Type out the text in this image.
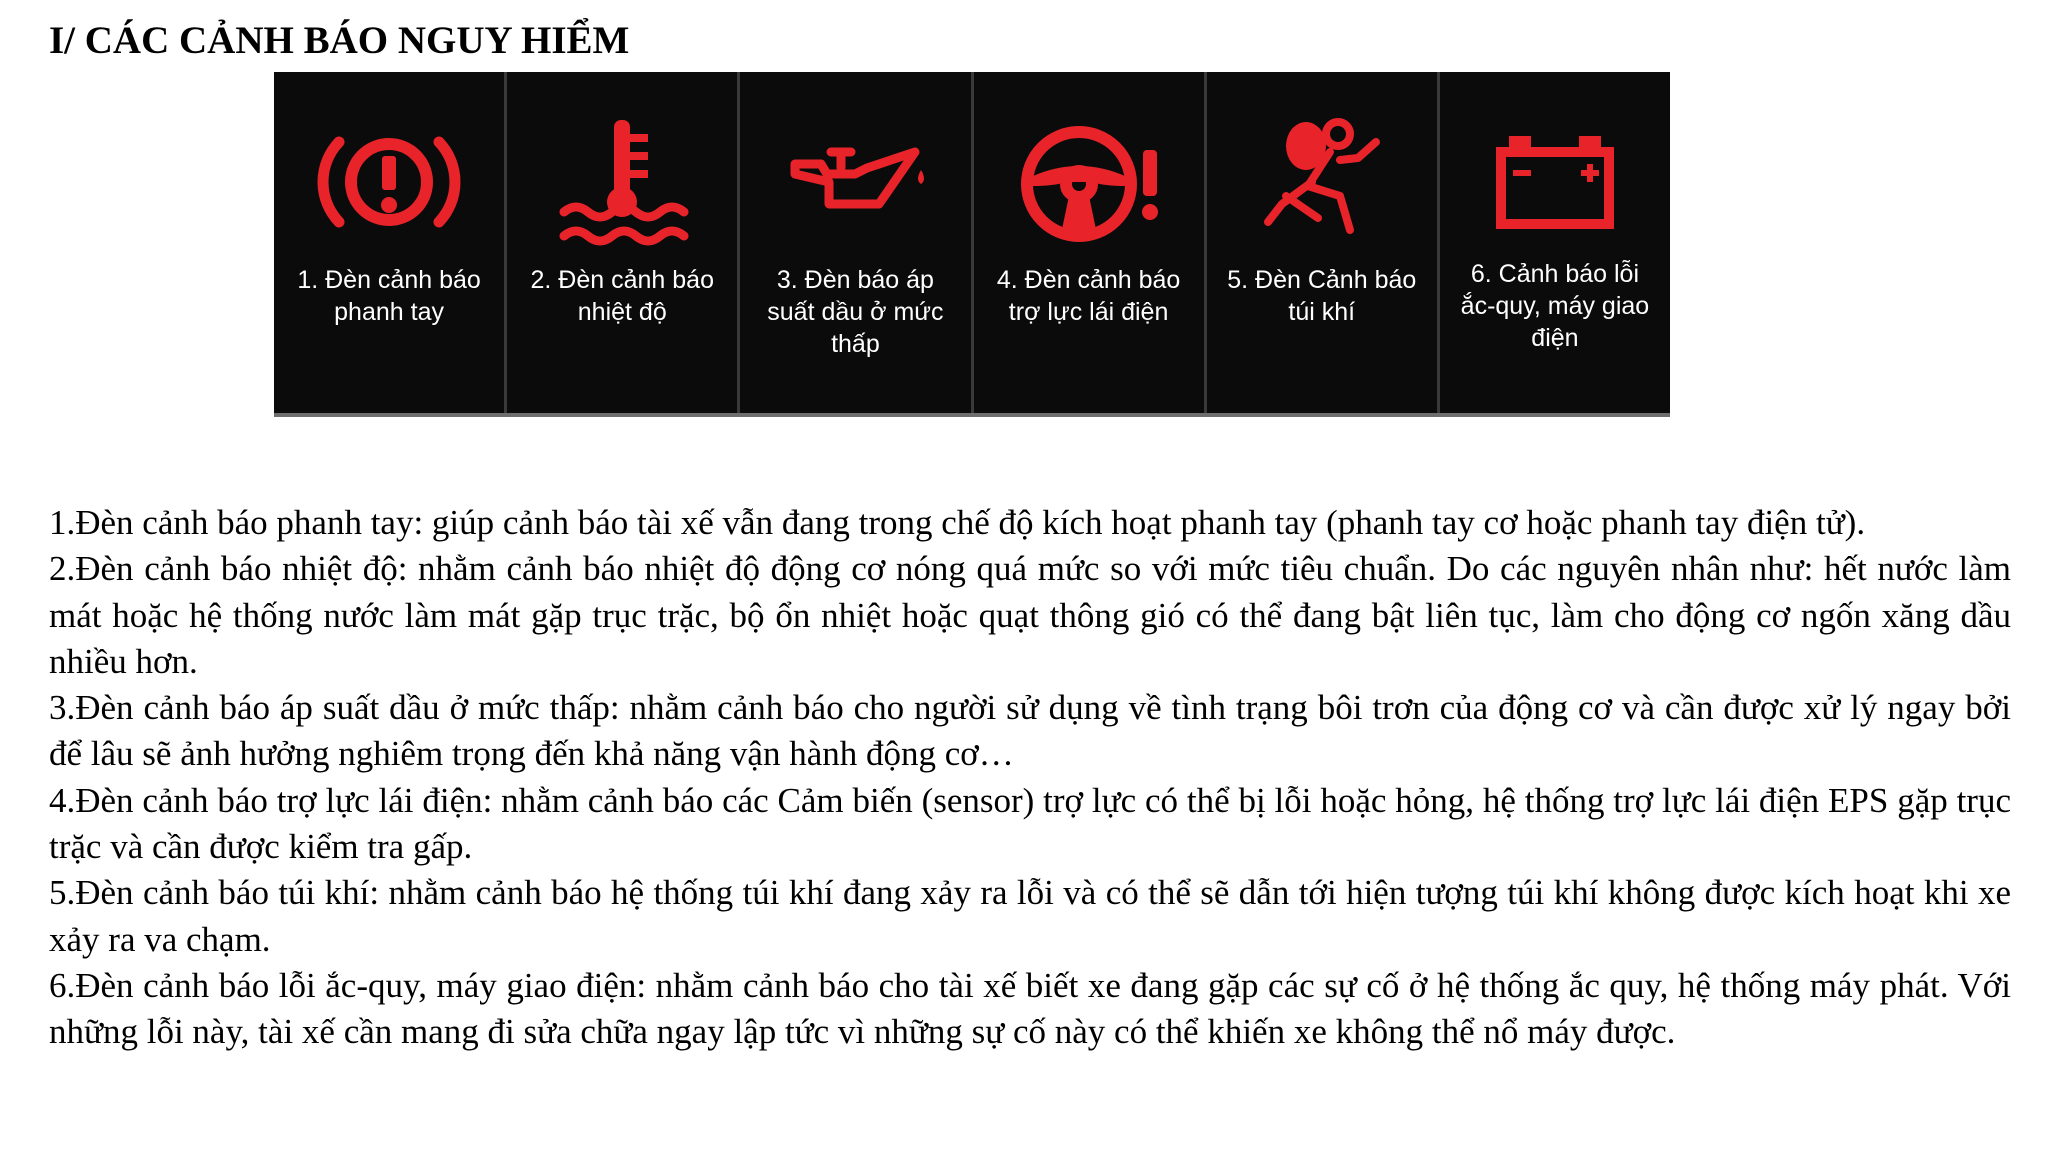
I/ CÁC CẢNH BÁO NGUY HIỂM
1. Đèn cảnh báo
phanh tay
2. Đèn cảnh báo
nhiệt độ
3. Đèn báo áp
suất dầu ở mức
thấp
4. Đèn cảnh báo
trợ lực lái điện
5. Đèn Cảnh báo
túi khí
6. Cảnh báo lỗi
ắc-quy, máy giao
điện

1.Đèn cảnh báo phanh tay: giúp cảnh báo tài xế vẫn đang trong chế độ kích hoạt phanh tay (phanh tay cơ hoặc phanh tay điện tử).

2.Đèn cảnh báo nhiệt độ: nhằm cảnh báo nhiệt độ động cơ nóng quá mức so với mức tiêu chuẩn. Do các nguyên nhân như: hết nước làm mát hoặc hệ thống nước làm mát gặp trục trặc, bộ ổn nhiệt hoặc quạt thông gió có thể đang bật liên tục, làm cho động cơ ngốn xăng dầu nhiều hơn.

3.Đèn cảnh báo áp suất dầu ở mức thấp: nhằm cảnh báo cho người sử dụng về tình trạng bôi trơn của động cơ và cần được xử lý ngay bởi để lâu sẽ ảnh hưởng nghiêm trọng đến khả năng vận hành động cơ…

4.Đèn cảnh báo trợ lực lái điện: nhằm cảnh báo các Cảm biến (sensor) trợ lực có thể bị lỗi hoặc hỏng, hệ thống trợ lực lái điện EPS gặp trục trặc và cần được kiểm tra gấp.

5.Đèn cảnh báo túi khí: nhằm cảnh báo hệ thống túi khí đang xảy ra lỗi và có thể sẽ dẫn tới hiện tượng túi khí không được kích hoạt khi xe xảy ra va chạm.

6.Đèn cảnh báo lỗi ắc-quy, máy giao điện: nhằm cảnh báo cho tài xế biết xe đang gặp các sự cố ở hệ thống ắc quy, hệ thống máy phát. Với những lỗi này, tài xế cần mang đi sửa chữa ngay lập tức vì những sự cố này có thể khiến xe không thể nổ máy được.
